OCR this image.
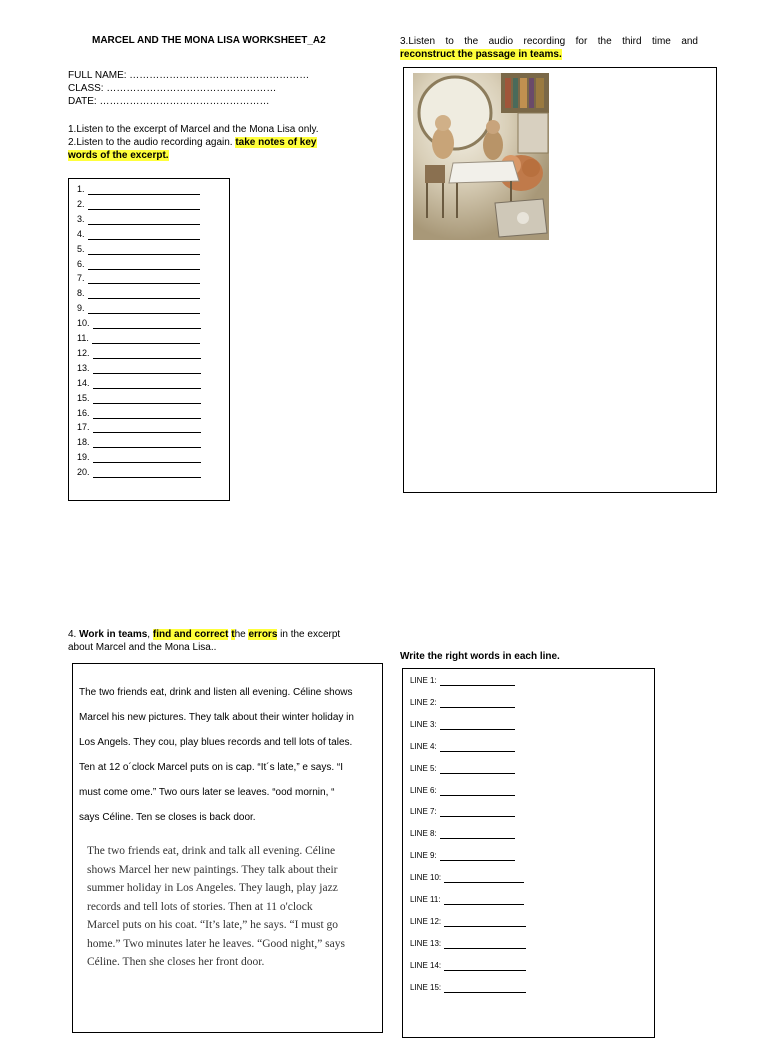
MARCEL AND THE MONA LISA WORKSHEET_A2
FULL NAME: ………………………………………………
CLASS: ……………………………………………
DATE: ……………………………………………
1.Listen to the excerpt of Marcel and the Mona Lisa only.
2.Listen to the audio recording again. take notes of key
words of the excerpt.
1.
2.
3.
4.
5.
6.
7.
8.
9.
10.
11.
12.
13.
14.
15.
16.
17.
18.
19.
20.
3.Listen to the audio recording for the third time and
reconstruct the passage in teams.
4. Work in teams, find and correct the errors in the excerpt
about Marcel and the Mona Lisa..
Write the right words in each line.
The two friends eat, drink and listen all evening. Céline shows
Marcel his new pictures. They talk about their winter holiday in
Los Angels. They cou, play blues records and tell lots of tales.
Ten at 12 o´clock Marcel puts on is cap. “It´s late,” e says. “I
must come ome.” Two ours later se leaves. “ood mornin, “
says Céline. Ten se closes is back door.
The two friends eat, drink and talk all evening. Céline
shows Marcel her new paintings. They talk about their
summer holiday in Los Angeles. They laugh, play jazz
records and tell lots of stories. Then at 11 o'clock
Marcel puts on his coat. “It’s late,” he says. “I must go
home.” Two minutes later he leaves. “Good night,” says
Céline. Then she closes her front door.
LINE 1:
LINE 2:
LINE 3:
LINE 4:
LINE 5:
LINE 6:
LINE 7:
LINE 8:
LINE 9:
LINE 10:
LINE 11:
LINE 12:
LINE 13:
LINE 14:
LINE 15:
